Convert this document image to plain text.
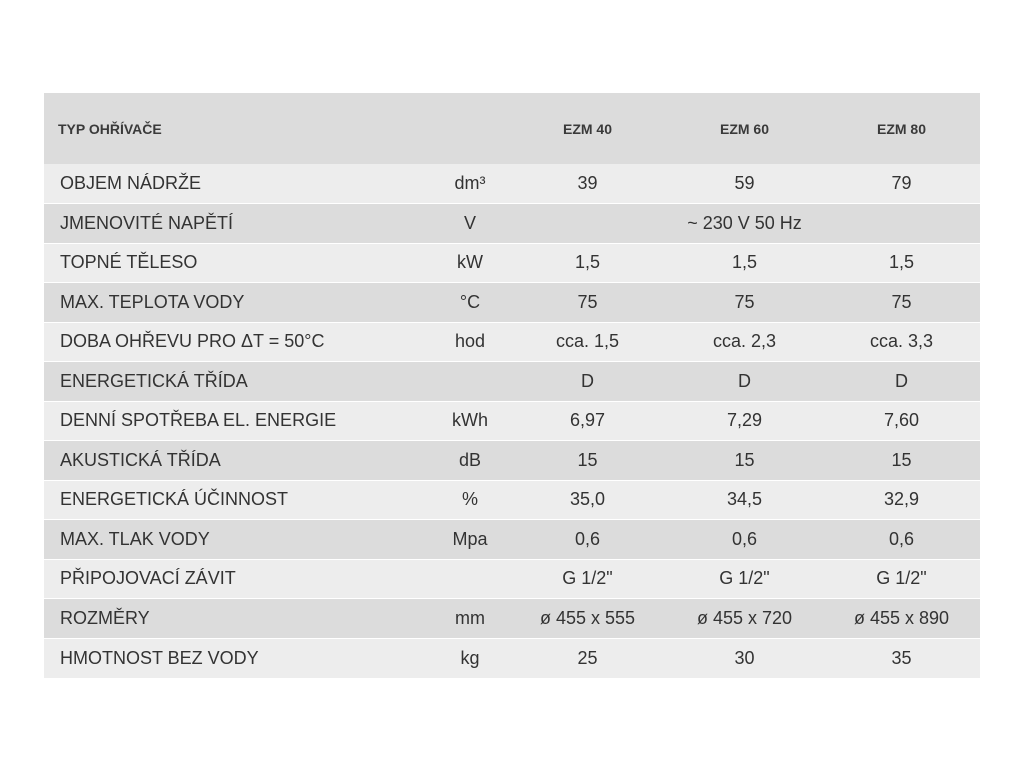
TYP OHŘÍVAČE		EZM 40	EZM 60	EZM 80
OBJEM NÁDRŽE	dm³	39	59	79
JMENOVITÉ NAPĚTÍ	V	~ 230 V 50 Hz		
TOPNÉ TĚLESO	kW	1,5	1,5	1,5
MAX. TEPLOTA VODY	°C	75	75	75
DOBA OHŘEVU PRO ΔT = 50°C	hod	cca. 1,5	cca. 2,3	cca. 3,3
ENERGETICKÁ TŘÍDA		D	D	D
DENNÍ SPOTŘEBA EL. ENERGIE	kWh	6,97	7,29	7,60
AKUSTICKÁ TŘÍDA	dB	15	15	15
ENERGETICKÁ ÚČINNOST	%	35,0	34,5	32,9
MAX. TLAK VODY	Mpa	0,6	0,6	0,6
PŘIPOJOVACÍ ZÁVIT		G 1/2"	G 1/2"	G 1/2"
ROZMĚRY	mm	ø 455 x 555	ø 455 x 720	ø 455 x 890
HMOTNOST BEZ VODY	kg	25	30	35
